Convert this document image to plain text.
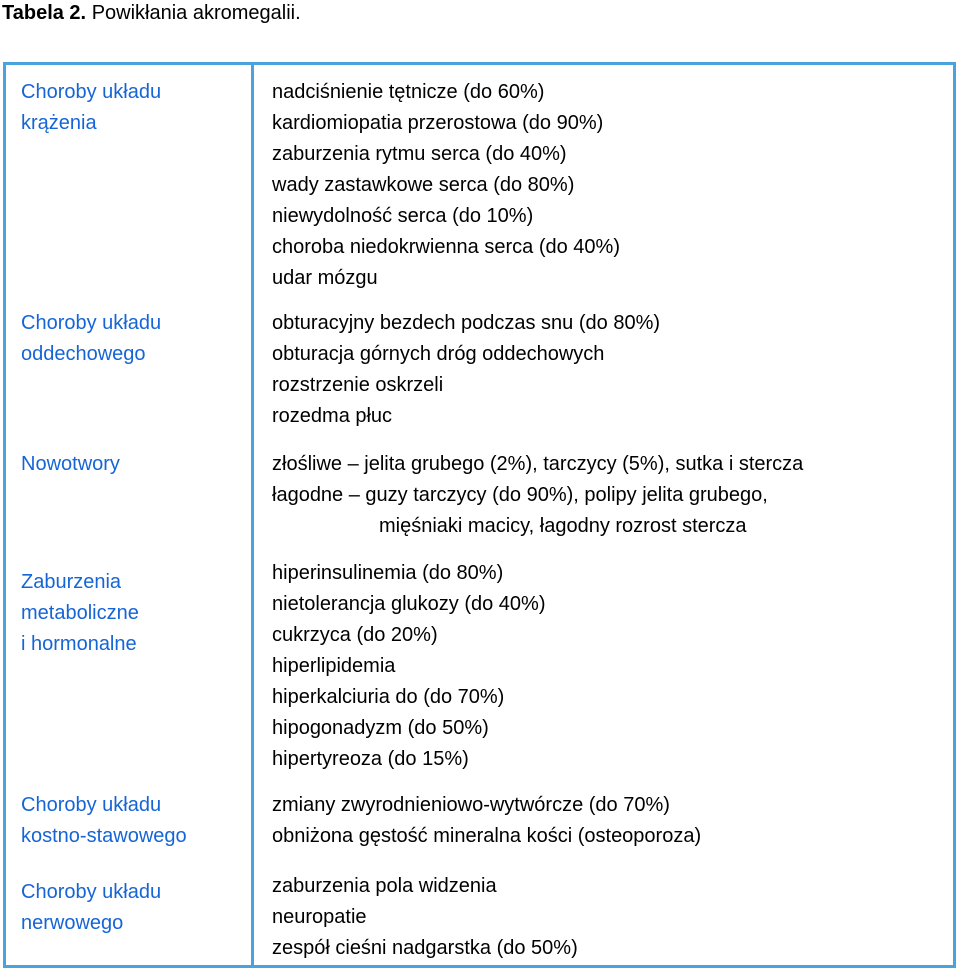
Tabela 2. Powikłania akromegalii.
Choroby układu
krążenia
nadciśnienie tętnicze (do 60%)
kardiomiopatia przerostowa (do 90%)
zaburzenia rytmu serca (do 40%)
wady zastawkowe serca (do 80%)
niewydolność serca (do 10%)
choroba niedokrwienna serca (do 40%)
udar mózgu
Choroby układu
oddechowego
obturacyjny bezdech podczas snu (do 80%)
obturacja górnych dróg oddechowych
rozstrzenie oskrzeli
rozedma płuc
Nowotwory	złośliwe – jelita grubego (2%), tarczycy (5%), sutka i stercza
łagodne – guzy tarczycy (do 90%), polipy jelita grubego,
mięśniaki macicy, łagodny rozrost stercza
Zaburzenia
metaboliczne
i hormonalne
hiperinsulinemia (do 80%)
nietolerancja glukozy (do 40%)
cukrzyca (do 20%)
hiperlipidemia
hiperkalciuria do (do 70%)
hipogonadyzm (do 50%)
hipertyreoza (do 15%)
Choroby układu
kostno-stawowego
zmiany zwyrodnieniowo-wytwórcze (do 70%)
obniżona gęstość mineralna kości (osteoporoza)
Choroby układu
nerwowego
zaburzenia pola widzenia
neuropatie
zespół cieśni nadgarstka (do 50%)
